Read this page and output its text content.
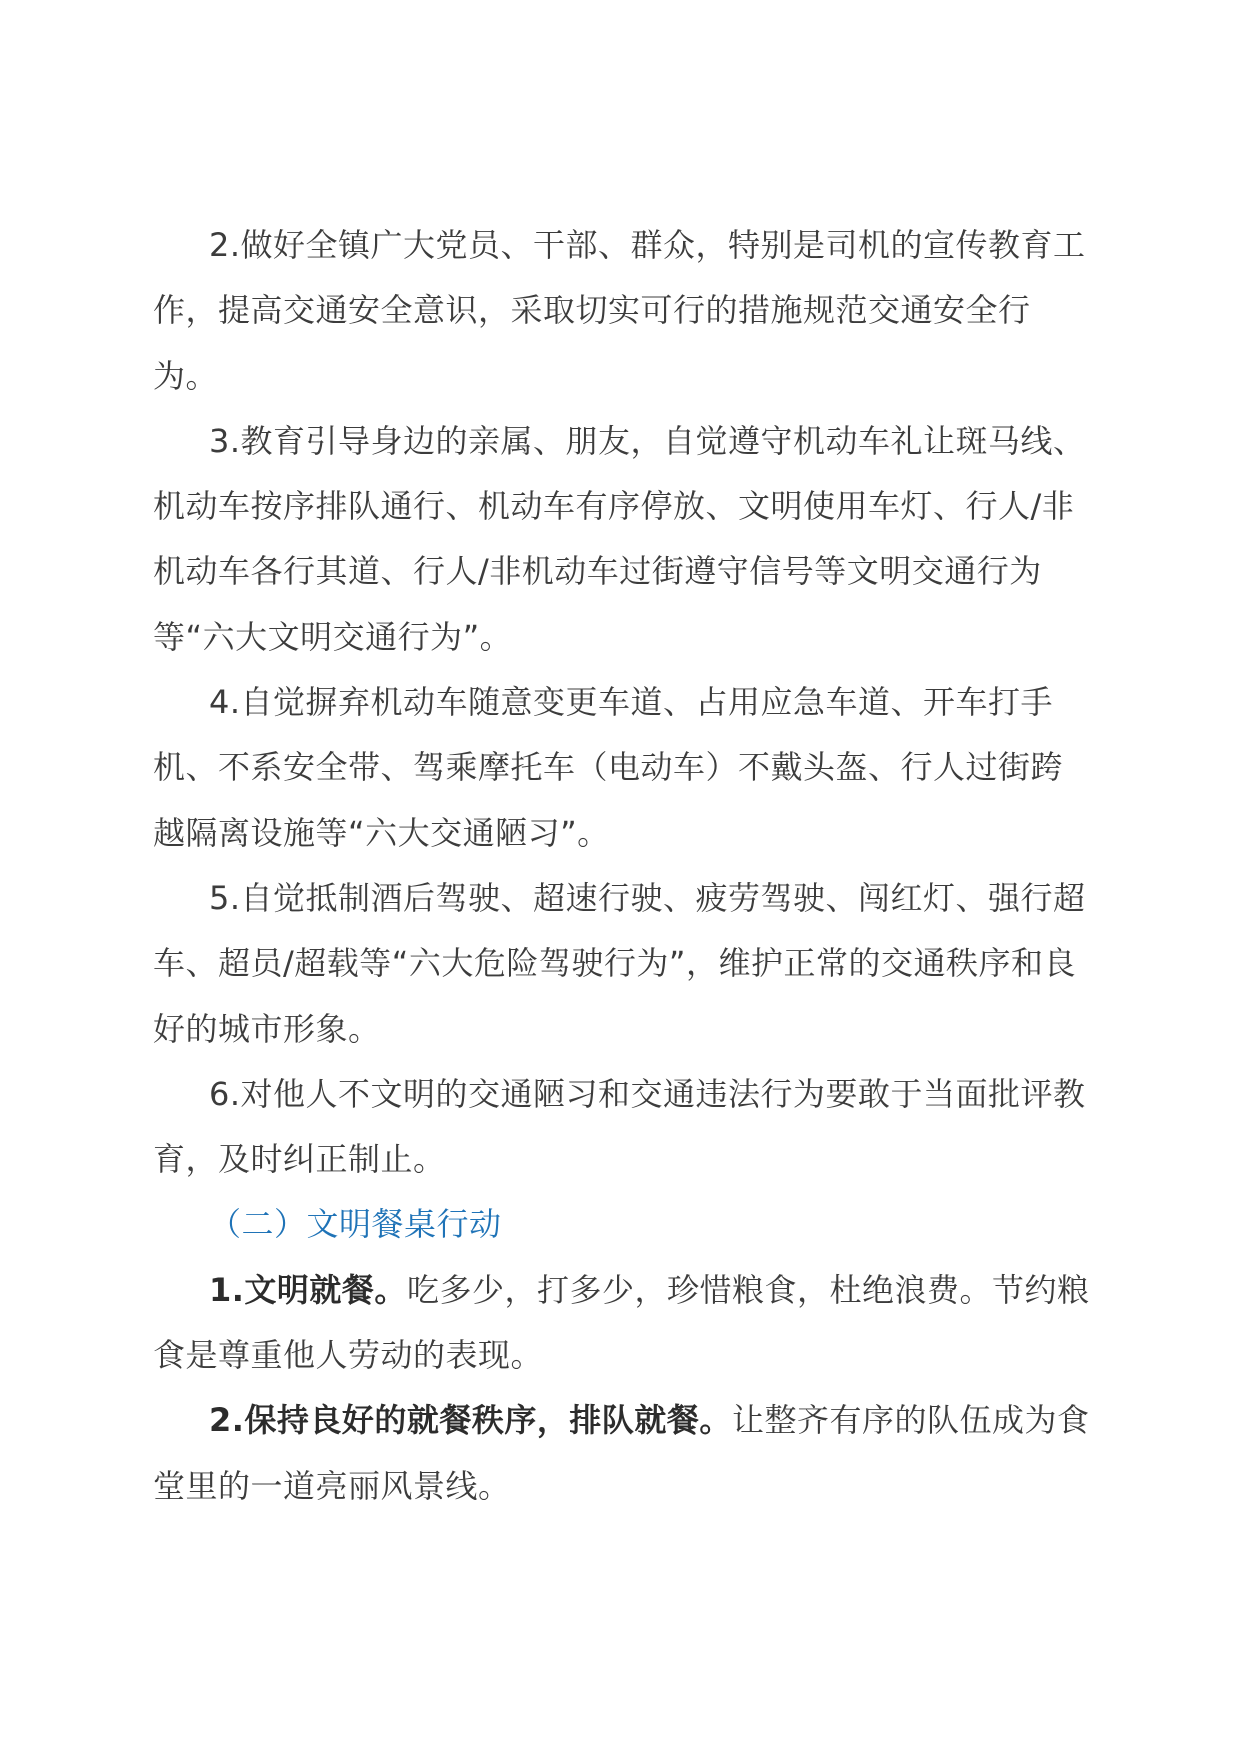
2.做好全镇广大党员、干部、群众，特别是司机的宣传教育工作，提高交通安全意识，采取切实可行的措施规范交通安全行为。

3.教育引导身边的亲属、朋友，自觉遵守机动车礼让斑马线、机动车按序排队通行、机动车有序停放、文明使用车灯、行人/非机动车各行其道、行人/非机动车过街遵守信号等文明交通行为等“六大文明交通行为”。

4.自觉摒弃机动车随意变更车道、占用应急车道、开车打手机、不系安全带、驾乘摩托车（电动车）不戴头盔、行人过街跨越隔离设施等“六大交通陋习”。

5.自觉抵制酒后驾驶、超速行驶、疲劳驾驶、闯红灯、强行超车、超员/超载等“六大危险驾驶行为”，维护正常的交通秩序和良好的城市形象。

6.对他人不文明的交通陋习和交通违法行为要敢于当面批评教育，及时纠正制止。

（二）文明餐桌行动

1.文明就餐。吃多少，打多少，珍惜粮食，杜绝浪费。节约粮食是尊重他人劳动的表现。

2.保持良好的就餐秩序，排队就餐。让整齐有序的队伍成为食堂里的一道亮丽风景线。
